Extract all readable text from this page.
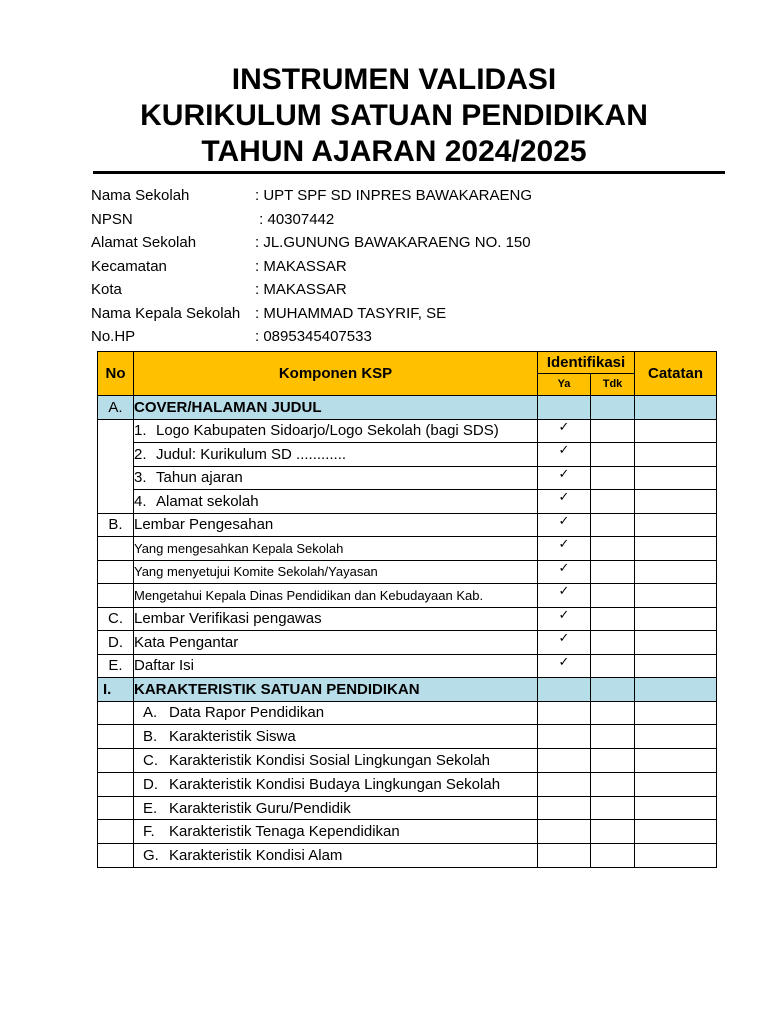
INSTRUMEN VALIDASI
KURIKULUM SATUAN PENDIDIKAN
TAHUN AJARAN 2024/2025
Nama Sekolah	: UPT SPF SD INPRES BAWAKARAENG
NPSN	: 40307442
Alamat Sekolah	: JL.GUNUNG BAWAKARAENG NO. 150
Kecamatan	: MAKASSAR
Kota	: MAKASSAR
Nama Kepala Sekolah : MUHAMMAD TASYRIF, SE
No.HP	: 0895345407533
No	Komponen KSP	Identifikasi		Catatan
		Ya	Tdk	
A.	COVER/HALAMAN JUDUL			
	1. Logo Kabupaten Sidoarjo/Logo Sekolah (bagi SDS)	✓		
	2. Judul: Kurikulum SD ............	✓		
	3. Tahun ajaran	✓		
	4. Alamat sekolah	✓		
B.	Lembar Pengesahan	✓		
	Yang mengesahkan Kepala Sekolah	✓		
	Yang menyetujui Komite Sekolah/Yayasan	✓		
	Mengetahui Kepala Dinas Pendidikan dan Kebudayaan Kab.	✓		
C.	Lembar Verifikasi pengawas	✓		
D.	Kata Pengantar	✓		
E.	Daftar Isi	✓		
I.	KARAKTERISTIK SATUAN PENDIDIKAN			
	A. Data Rapor Pendidikan			
	B. Karakteristik Siswa			
	C. Karakteristik Kondisi Sosial Lingkungan Sekolah			
	D. Karakteristik Kondisi Budaya Lingkungan Sekolah			
	E. Karakteristik Guru/Pendidik			
	F. Karakteristik Tenaga Kependidikan			
	G. Karakteristik Kondisi Alam			
